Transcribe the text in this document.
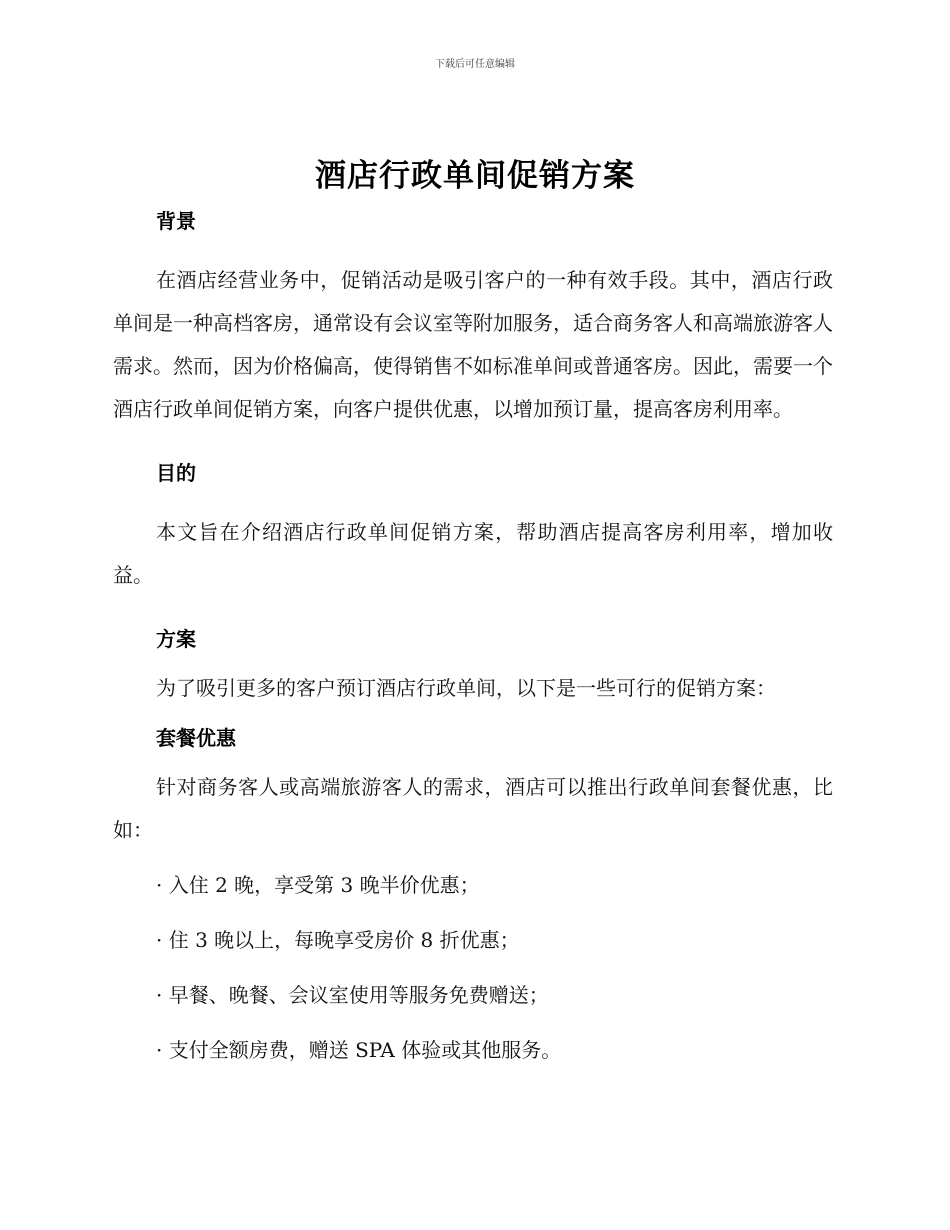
下载后可任意编辑
酒店行政单间促销方案

背景

在酒店经营业务中，促销活动是吸引客户的一种有效手段。其中，酒店行政单间是一种高档客房，通常设有会议室等附加服务，适合商务客人和高端旅游客人需求。然而，因为价格偏高，使得销售不如标准单间或普通客房。因此，需要一个酒店行政单间促销方案，向客户提供优惠，以增加预订量，提高客房利用率。

目的

本文旨在介绍酒店行政单间促销方案，帮助酒店提高客房利用率，增加收益。

方案

为了吸引更多的客户预订酒店行政单间，以下是一些可行的促销方案：

套餐优惠

针对商务客人或高端旅游客人的需求，酒店可以推出行政单间套餐优惠，比如：

· 入住 2 晚，享受第 3 晚半价优惠；

· 住 3 晚以上，每晚享受房价 8 折优惠；

· 早餐、晚餐、会议室使用等服务免费赠送；

· 支付全额房费，赠送 SPA 体验或其他服务。
